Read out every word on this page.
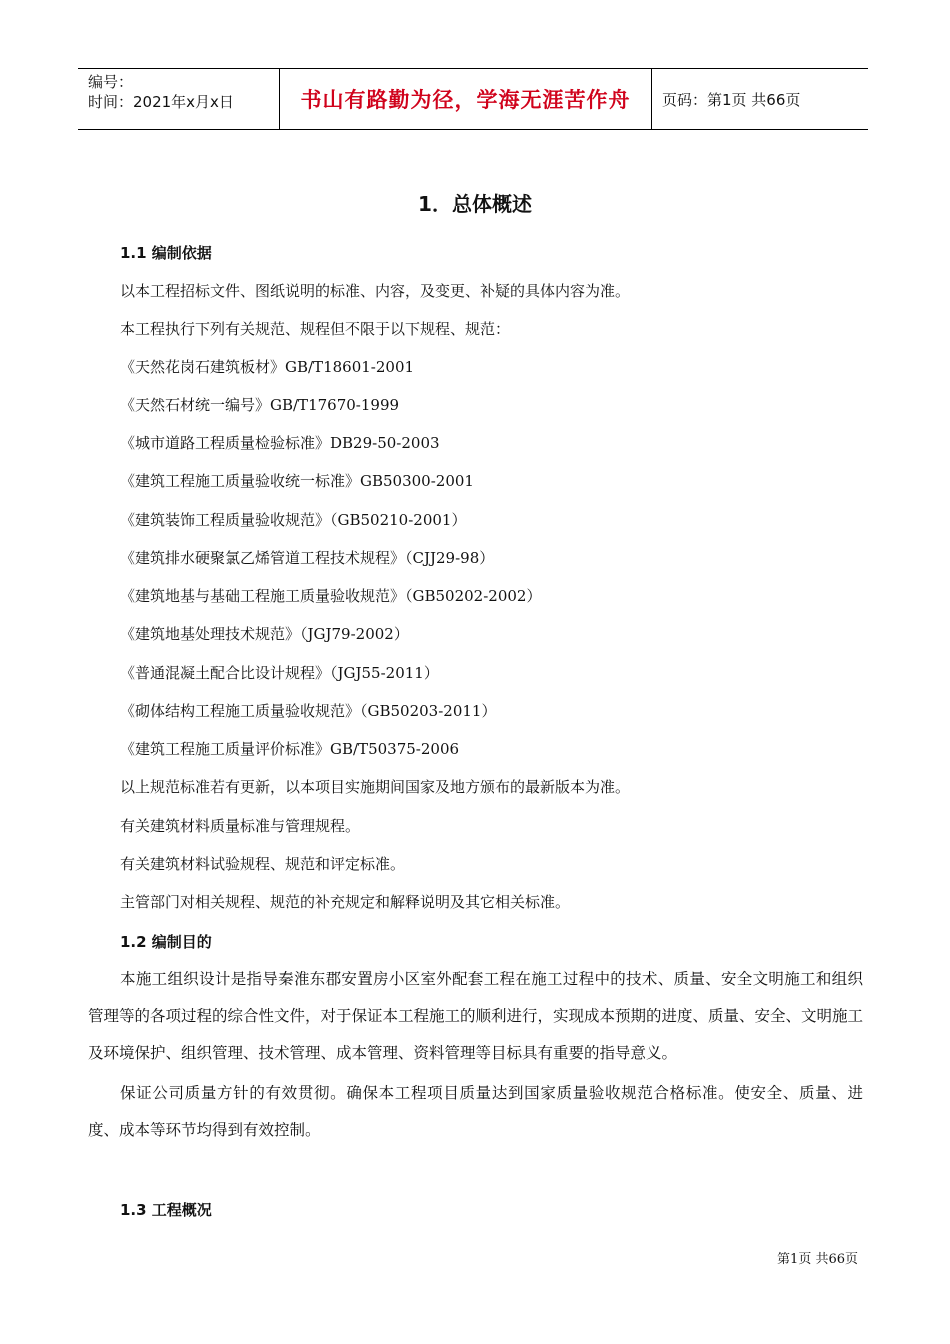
编号：
时间：2021年x月x日	书山有路勤为径，学海无涯苦作舟	页码：第1页 共66页
1．总体概述
1.1 编制依据
以本工程招标文件、图纸说明的标准、内容，及变更、补疑的具体内容为准。
本工程执行下列有关规范、规程但不限于以下规程、规范：
《天然花岗石建筑板材》GB/T18601-2001
《天然石材统一编号》GB/T17670-1999
《城市道路工程质量检验标准》DB29-50-2003
《建筑工程施工质量验收统一标准》GB50300-2001
《建筑装饰工程质量验收规范》（GB50210-2001）
《建筑排水硬聚氯乙烯管道工程技术规程》（CJJ29-98）
《建筑地基与基础工程施工质量验收规范》（GB50202-2002）
《建筑地基处理技术规范》（JGJ79-2002）
《普通混凝土配合比设计规程》（JGJ55-2011）
《砌体结构工程施工质量验收规范》（GB50203-2011）
《建筑工程施工质量评价标准》GB/T50375-2006
以上规范标准若有更新，以本项目实施期间国家及地方颁布的最新版本为准。
有关建筑材料质量标准与管理规程。
有关建筑材料试验规程、规范和评定标准。
主管部门对相关规程、规范的补充规定和解释说明及其它相关标准。
1.2 编制目的
本施工组织设计是指导秦淮东郡安置房小区室外配套工程在施工过程中的技术、质量、安全文明施工和组织管理等的各项过程的综合性文件，对于保证本工程施工的顺利进行，实现成本预期的进度、质量、安全、文明施工及环境保护、组织管理、技术管理、成本管理、资料管理等目标具有重要的指导意义。
保证公司质量方针的有效贯彻。确保本工程项目质量达到国家质量验收规范合格标准。使安全、质量、进度、成本等环节均得到有效控制。
1.3 工程概况
第1页 共66页
